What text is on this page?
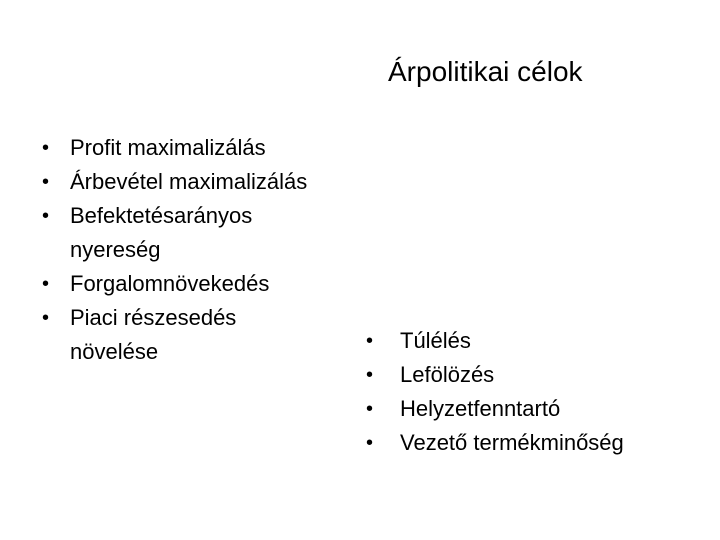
Árpolitikai célok
• Profit maximalizálás
• Árbevétel maximalizálás
• Befektetésarányos nyereség
• Forgalomnövekedés
• Piaci részesedés növelése	• Túlélés
• Lefölözés
• Helyzetfenntartó
• Vezető termékminőség
